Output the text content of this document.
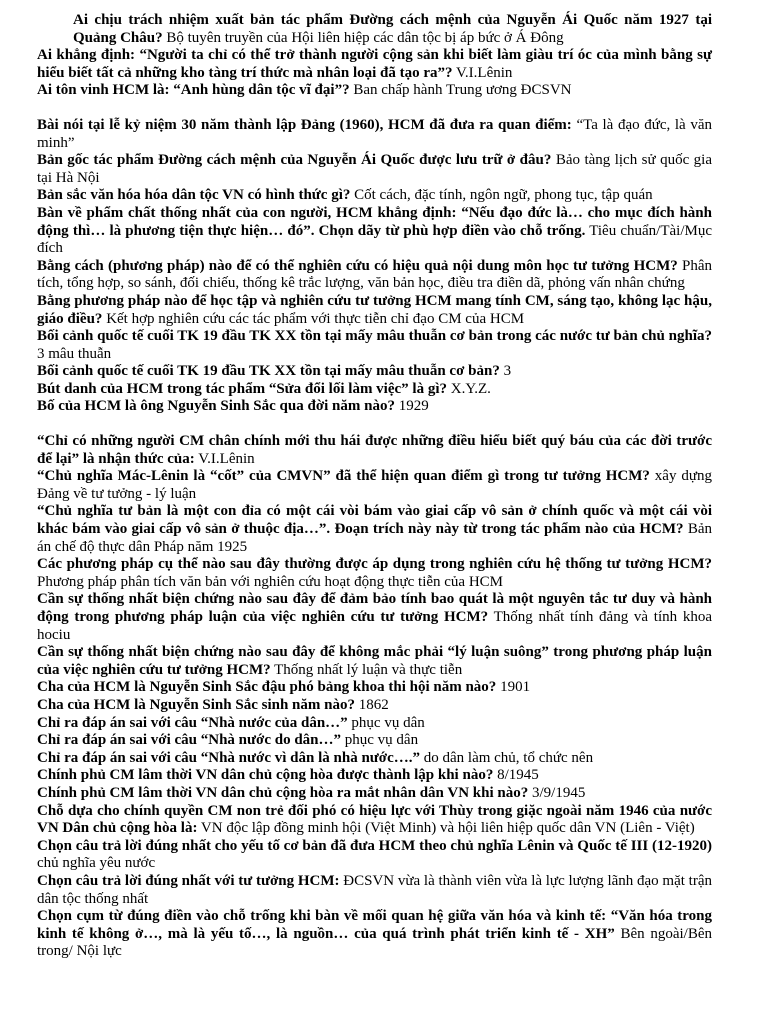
Ai chịu trách nhiệm xuất bản tác phẩm Đường cách mệnh của Nguyễn Ái Quốc năm 1927 tại Quảng Châu? Bộ tuyên truyền của Hội liên hiệp các dân tộc bị áp bức ở Á Đông

Ai khẳng định: “Người ta chỉ có thể trở thành người cộng sản khi biết làm giàu trí óc của mình bằng sự hiểu biết tất cả những kho tàng trí thức mà nhân loại đã tạo ra”? V.I.Lênin

Ai tôn vinh HCM là: “Anh hùng dân tộc vĩ đại”? Ban chấp hành Trung ương ĐCSVN

Bài nói tại lễ kỷ niệm 30 năm thành lập Đảng (1960), HCM đã đưa ra quan điểm: “Ta là đạo đức, là văn minh”

Bản gốc tác phẩm Đường cách mệnh của Nguyễn Ái Quốc được lưu trữ ở đâu? Bảo tàng lịch sử quốc gia tại Hà Nội

Bản sắc văn hóa hóa dân tộc VN có hình thức gì? Cốt cách, đặc tính, ngôn ngữ, phong tục, tập quán

Bàn về phẩm chất thống nhất của con người, HCM khẳng định: “Nếu đạo đức là… cho mục đích hành động thì… là phương tiện thực hiện… đó”. Chọn dãy từ phù hợp điền vào chỗ trống. Tiêu chuẩn/Tài/Mục đích

Bằng cách (phương pháp) nào để có thể nghiên cứu có hiệu quả nội dung môn học tư tưởng HCM? Phân tích, tổng hợp, so sánh, đối chiếu, thống kê trắc lượng, văn bản học, điều tra điền dã, phỏng vấn nhân chứng

Bằng phương pháp nào để học tập và nghiên cứu tư tưởng HCM mang tính CM, sáng tạo, không lạc hậu, giáo điều? Kết hợp nghiên cứu các tác phẩm với thực tiễn chỉ đạo CM của HCM

Bối cảnh quốc tế cuối TK 19 đầu TK XX tồn tại mấy mâu thuẫn cơ bản trong các nước tư bản chủ nghĩa? 3 mâu thuẫn

Bối cảnh quốc tế cuối TK 19 đầu TK XX tồn tại mấy mâu thuẫn cơ bản? 3

Bút danh của HCM trong tác phẩm “Sửa đổi lối làm việc” là gì? X.Y.Z.

Bố của HCM là ông Nguyễn Sinh Sắc qua đời năm nào? 1929

“Chỉ có những người CM chân chính mới thu hái được những điều hiểu biết quý báu của các đời trước để lại” là nhận thức của: V.I.Lênin

“Chủ nghĩa Mác-Lênin là “cốt” của CMVN” đã thể hiện quan điểm gì trong tư tưởng HCM? xây dựng Đảng về tư tưởng - lý luận

“Chủ nghĩa tư bản là một con đỉa có một cái vòi bám vào giai cấp vô sản ở chính quốc và một cái vòi khác bám vào giai cấp vô sản ở thuộc địa…”. Đoạn trích này này từ trong tác phẩm nào của HCM? Bản án chế độ thực dân Pháp năm 1925

Các phương pháp cụ thể nào sau đây thường được áp dụng trong nghiên cứu hệ thống tư tưởng HCM? Phương pháp phân tích văn bản với nghiên cứu hoạt động thực tiễn của HCM

Cần sự thống nhất biện chứng nào sau đây để đảm bảo tính bao quát là một nguyên tắc tư duy và hành động trong phương pháp luận của việc nghiên cứu tư tưởng HCM? Thống nhất tính đảng và tính khoa hociu

Cần sự thống nhất biện chứng nào sau đây để không mắc phải “lý luận suông” trong phương pháp luận của việc nghiên cứu tư tưởng HCM? Thống nhất lý luận và thực tiễn

Cha của HCM là Nguyễn Sinh Sắc đậu phó bảng khoa thi hội năm nào? 1901

Cha của HCM là Nguyễn Sinh Sắc sinh năm nào? 1862

Chỉ ra đáp án sai với câu “Nhà nước của dân…” phục vụ dân

Chỉ ra đáp án sai với câu “Nhà nước do dân…” phục vụ dân

Chỉ ra đáp án sai với câu “Nhà nước vì dân là nhà nước….” do dân làm chủ, tổ chức nên

Chính phủ CM lâm thời VN dân chủ cộng hòa được thành lập khi nào? 8/1945

Chính phủ CM lâm thời VN dân chủ cộng hòa ra mắt nhân dân VN khi nào? 3/9/1945

Chỗ dựa cho chính quyền CM non trẻ đối phó có hiệu lực với Thùy trong giặc ngoài năm 1946 của nước VN Dân chủ cộng hòa là: VN độc lập đồng minh hội (Việt Minh) và hội liên hiệp quốc dân VN (Liên - Việt)

Chọn câu trả lời đúng nhất cho yếu tố cơ bản đã đưa HCM theo chủ nghĩa Lênin và Quốc tế III (12-1920) chủ nghĩa yêu nước

Chọn câu trả lời đúng nhất với tư tưởng HCM: ĐCSVN vừa là thành viên vừa là lực lượng lãnh đạo mặt trận dân tộc thống nhất

Chọn cụm từ đúng điền vào chỗ trống khi bàn về mối quan hệ giữa văn hóa và kinh tế: “Văn hóa trong kinh tế không ở…, mà là yếu tố…, là nguồn… của quá trình phát triển kinh tế - XH” Bên ngoài/Bên trong/ Nội lực
